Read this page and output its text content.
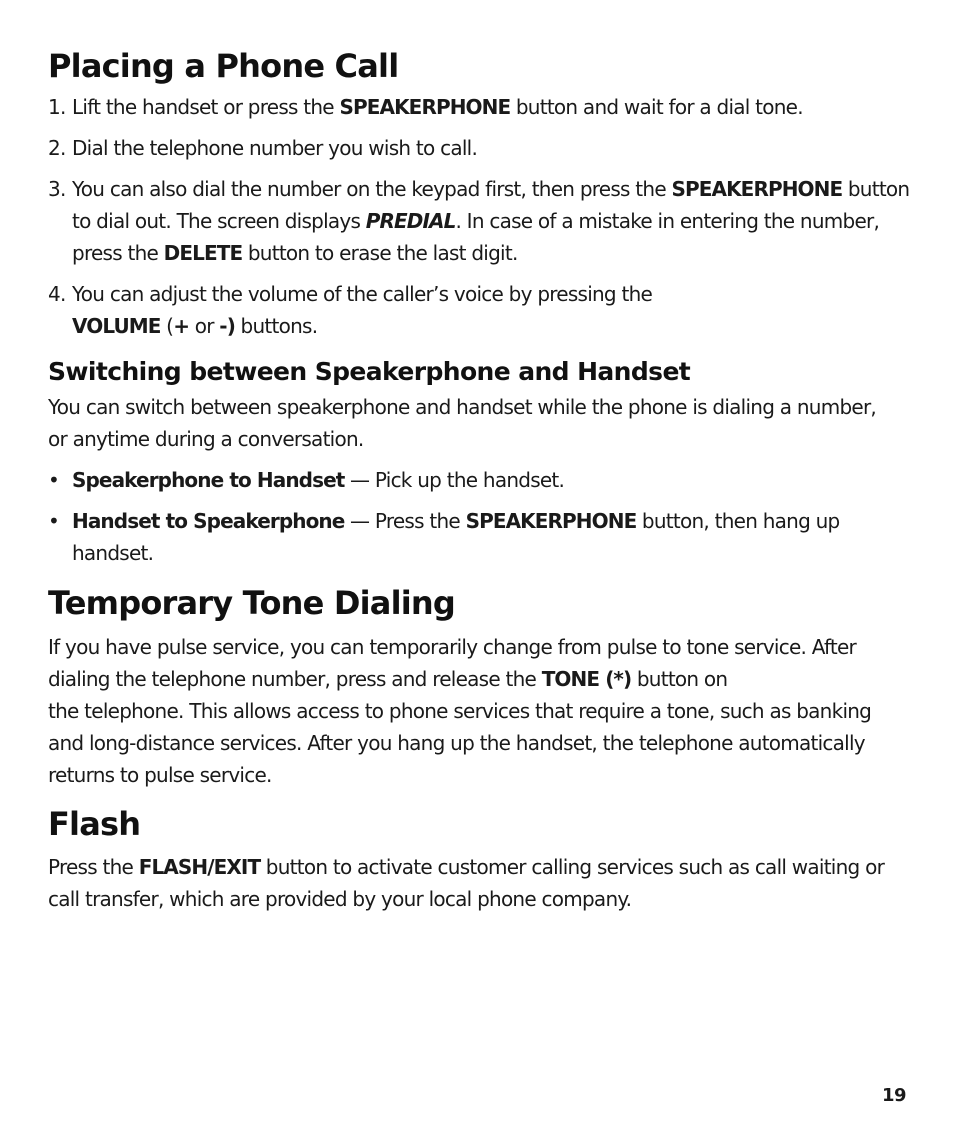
Placing a Phone Call
1. Lift the handset or press the SPEAKERPHONE button and wait for a dial tone.
2. Dial the telephone number you wish to call.
3. You can also dial the number on the keypad first, then press the SPEAKERPHONE button to dial out. The screen displays PREDIAL. In case of a mistake in entering the number, press the DELETE button to erase the last digit.
4. You can adjust the volume of the caller’s voice by pressing the
VOLUME (+ or -) buttons.
Switching between Speakerphone and Handset

You can switch between speakerphone and handset while the phone is dialing a number, or anytime during a conversation.

• Speakerphone to Handset — Pick up the handset.
• Handset to Speakerphone — Press the SPEAKERPHONE button, then hang up handset.
Temporary Tone Dialing

If you have pulse service, you can temporarily change from pulse to tone service. After dialing the telephone number, press and release the TONE (*) button on
the telephone. This allows access to phone services that require a tone, such as banking and long-distance services. After you hang up the handset, the telephone automatically returns to pulse service.

Flash

Press the FLASH/EXIT button to activate customer calling services such as call waiting or call transfer, which are provided by your local phone company.

19
